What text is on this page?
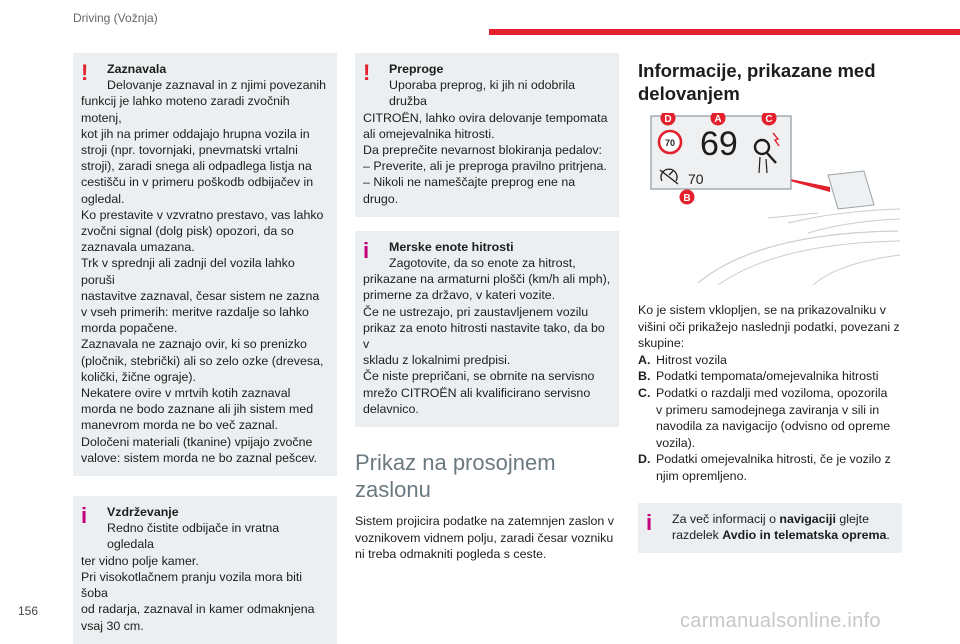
Driving (Vožnja)
!	Zaznavala

Delovanje zaznaval in z njimi povezanih

funkcij je lahko moteno zaradi zvočnih motenj,
kot jih na primer oddajajo hrupna vozila in
stroji (npr. tovornjaki, pnevmatski vrtalni
stroji), zaradi snega ali odpadlega listja na
cestišču in v primeru poškodb odbijačev in
ogledal.
Ko prestavite v vzvratno prestavo, vas lahko
zvočni signal (dolg pisk) opozori, da so
zaznavala umazana.
Trk v sprednji ali zadnji del vozila lahko poruši
nastavitve zaznaval, česar sistem ne zazna
v vseh primerih: meritve razdalje so lahko
morda popačene.
Zaznavala ne zaznajo ovir, ki so prenizko
(pločnik, stebrički) ali so zelo ozke (drevesa,
količki, žične ograje).
Nekatere ovire v mrtvih kotih zaznaval
morda ne bodo zaznane ali jih sistem med
manevrom morda ne bo več zaznal.
Določeni materiali (tkanine) vpijajo zvočne
valove: sistem morda ne bo zaznal pešcev.
i	Vzdrževanje

Redno čistite odbijače in vratna ogledala

ter vidno polje kamer.
Pri visokotlačnem pranju vozila mora biti šoba
od radarja, zaznaval in kamer odmaknjena
vsaj 30 cm.
!	Preproge

Uporaba preprog, ki jih ni odobrila družba

CITROËN, lahko ovira delovanje tempomata
ali omejevalnika hitrosti.
Da preprečite nevarnost blokiranja pedalov:
– Preverite, ali je preproga pravilno pritrjena.
– Nikoli ne nameščajte preprog ene na
drugo.
i	Merske enote hitrosti

Zagotovite, da so enote za hitrost,

prikazane na armaturni plošči (km/h ali mph),
primerne za državo, v kateri vozite.
Če ne ustrezajo, pri zaustavljenem vozilu
prikaz za enoto hitrosti nastavite tako, da bo v
skladu z lokalnimi predpisi.
Če niste prepričani, se obrnite na servisno
mrežo CITROËN ali kvalificirano servisno
delavnico.
Prikaz na prosojnem
zaslonu
Sistem projicira podatke na zatemnjen zaslon v
voznikovem vidnem polju, zaradi česar vozniku
ni treba odmakniti pogleda s ceste.
Informacije, prikazane med
delovanjem
70 69
70
A	C
D
B
Ko je sistem vklopljen, se na prikazovalniku v
višini oči prikažejo naslednji podatki, povezani z
skupine:
A. Hitrost vozila
B. Podatki tempomata/omejevalnika hitrosti
C. Podatki o razdalji med voziloma, opozorila
v primeru samodejnega zaviranja v sili in
navodila za navigacijo (odvisno od opreme
vozila).
D. Podatki omejevalnika hitrosti, če je vozilo z
njim opremljeno.
i	Za več informacij o navigaciji glejte

razdelek Avdio in telematska oprema.

156	carmanualsonline.info
